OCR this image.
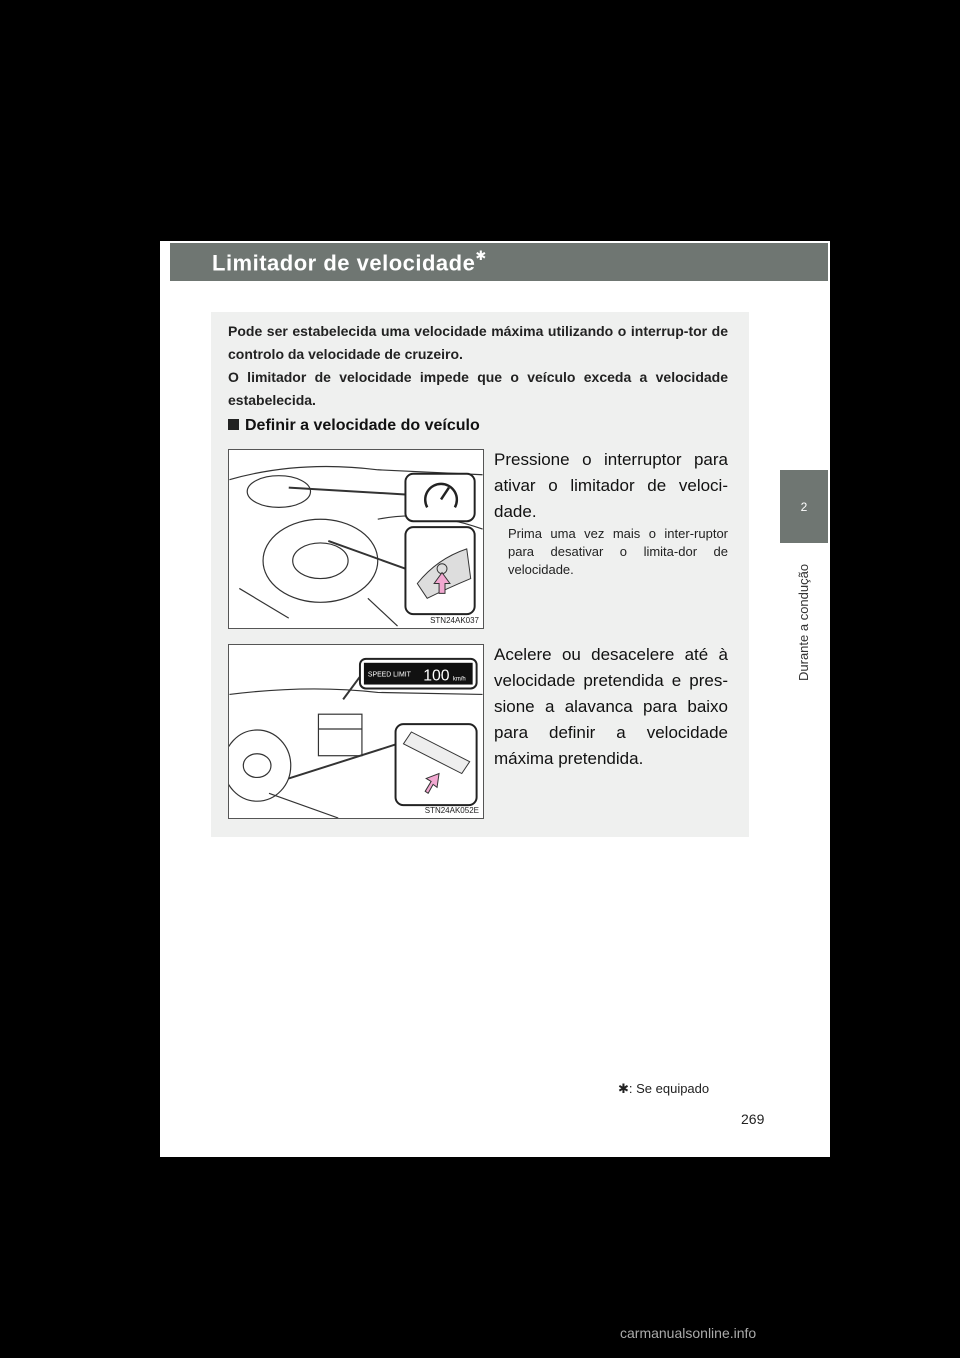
Limitador de velocidade✱
2
Durante a condução

Pode ser estabelecida uma velocidade máxima utilizando o interrup-tor de controlo da velocidade de cruzeiro.

O limitador de velocidade impede que o veículo exceda a velocidade estabelecida.

Definir a velocidade do veículo
STN24AK037
Pressione o interruptor para ativar o limitador de veloci-dade.
Prima uma vez mais o inter-ruptor para desativar o limita-dor de velocidade.
SPEED LIMIT 100 km/h
STN24AK052E
Acelere ou desacelere até à velocidade pretendida e pres-sione a alavanca para baixo para definir a velocidade máxima pretendida.
✱: Se equipado
269
carmanualsonline.info
